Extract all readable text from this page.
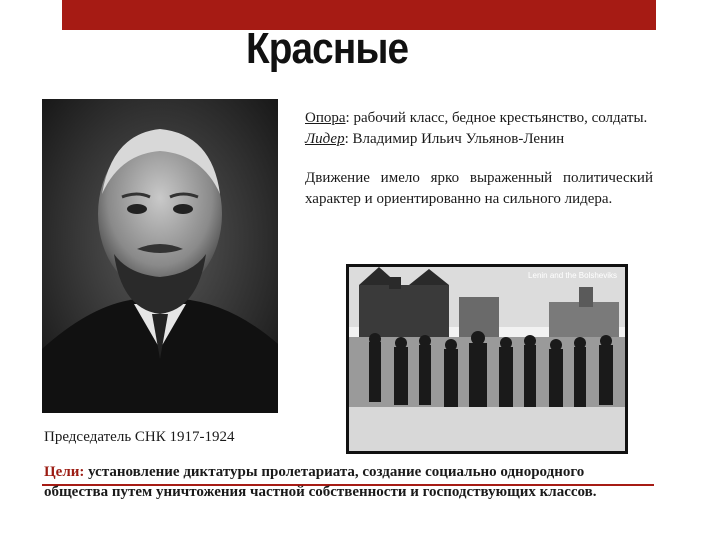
Красные

Опора: рабочий класс, бедное крестьянство, солдаты.

Лидер: Владимир Ильич Ульянов-Ленин

Движение имело ярко выраженный политический характер и ориентированно на сильного лидера.

Lenin and the Bolsheviks
Председатель СНК 1917-1924

Цели: установление диктатуры пролетариата, создание социально однородного общества путем уничтожения частной собственности и господствующих классов.
